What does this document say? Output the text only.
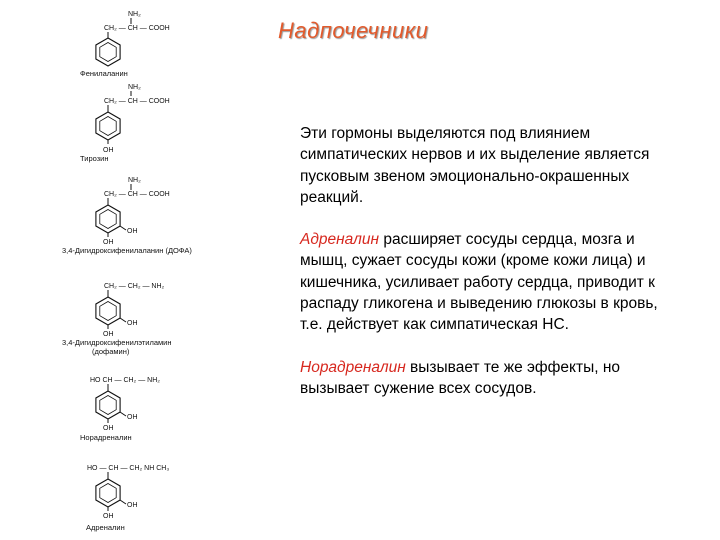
Надпочечники
NH₂
CH₂ — CH — COOH
Фенилаланин
NH₂
CH₂ — CH — COOH
OH
Тирозин
NH₂
CH₂ — CH — COOH
OH
OH
3,4-Дигидроксифенилаланин (ДОФА)
CH₂ — CH₂ — NH₂
OH
OH
3,4-Дигидроксифенилэтиламин
(дофамин)
HO CH — CH₂ — NH₂
OH
OH
Норадреналин
HO — CH — CH₂ NH CH₃
OH
OH
Адреналин

Эти гормоны выделяются под влиянием симпатических нервов и их выделение является пусковым звеном эмоционально-окрашенных реакций.

Адреналин расширяет сосуды сердца, мозга и мышц, сужает сосуды кожи (кроме кожи лица) и кишечника, усиливает работу сердца, приводит к распаду гликогена и выведению глюкозы в кровь, т.е. действует как симпатическая НС.

Норадреналин вызывает те же эффекты, но вызывает сужение всех сосудов.
